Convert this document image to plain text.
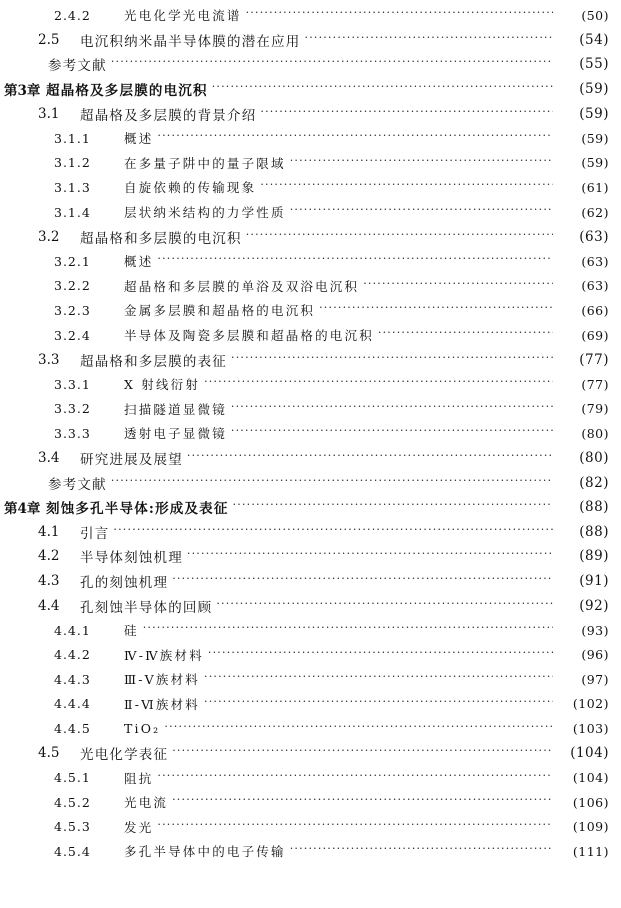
2.4.2	光电化学光电流谱 ·····	(50)
2.5	电沉积纳米晶半导体膜的潜在应用 ·····	(54)
参考文献 ·····	(55)
第3章 超晶格及多层膜的电沉积 ·····	(59)
3.1	超晶格及多层膜的背景介绍 ·····	(59)
3.1.1	概述 ·····	(59)
3.1.2	在多量子阱中的量子限域 ·····	(59)
3.1.3	自旋依赖的传输现象 ·····	(61)
3.1.4	层状纳米结构的力学性质 ·····	(62)
3.2	超晶格和多层膜的电沉积 ·····	(63)
3.2.1	概述 ·····	(63)
3.2.2	超晶格和多层膜的单浴及双浴电沉积 ·····	(63)
3.2.3	金属多层膜和超晶格的电沉积 ·····	(66)
3.2.4	半导体及陶瓷多层膜和超晶格的电沉积 ·····	(69)
3.3	超晶格和多层膜的表征 ·····	(77)
3.3.1	X 射线衍射 ·····	(77)
3.3.2	扫描隧道显微镜 ·····	(79)
3.3.3	透射电子显微镜 ·····	(80)
3.4	研究进展及展望 ·····	(80)
参考文献 ·····	(82)
第4章 刻蚀多孔半导体:形成及表征 ·····	(88)
4.1	引言 ·····	(88)
4.2	半导体刻蚀机理 ·····	(89)
4.3	孔的刻蚀机理 ·····	(91)
4.4	孔刻蚀半导体的回顾 ·····	(92)
4.4.1	硅 ·····	(93)
4.4.2	Ⅳ-Ⅳ族材料 ·····	(96)
4.4.3	Ⅲ-Ⅴ族材料 ·····	(97)
4.4.4	Ⅱ-Ⅵ族材料 ·····	(102)
4.4.5	TiO₂ ·····	(103)
4.5	光电化学表征 ·····	(104)
4.5.1	阻抗 ·····	(104)
4.5.2	光电流 ·····	(106)
4.5.3	发光 ·····	(109)
4.5.4	多孔半导体中的电子传输 ·····	(111)
